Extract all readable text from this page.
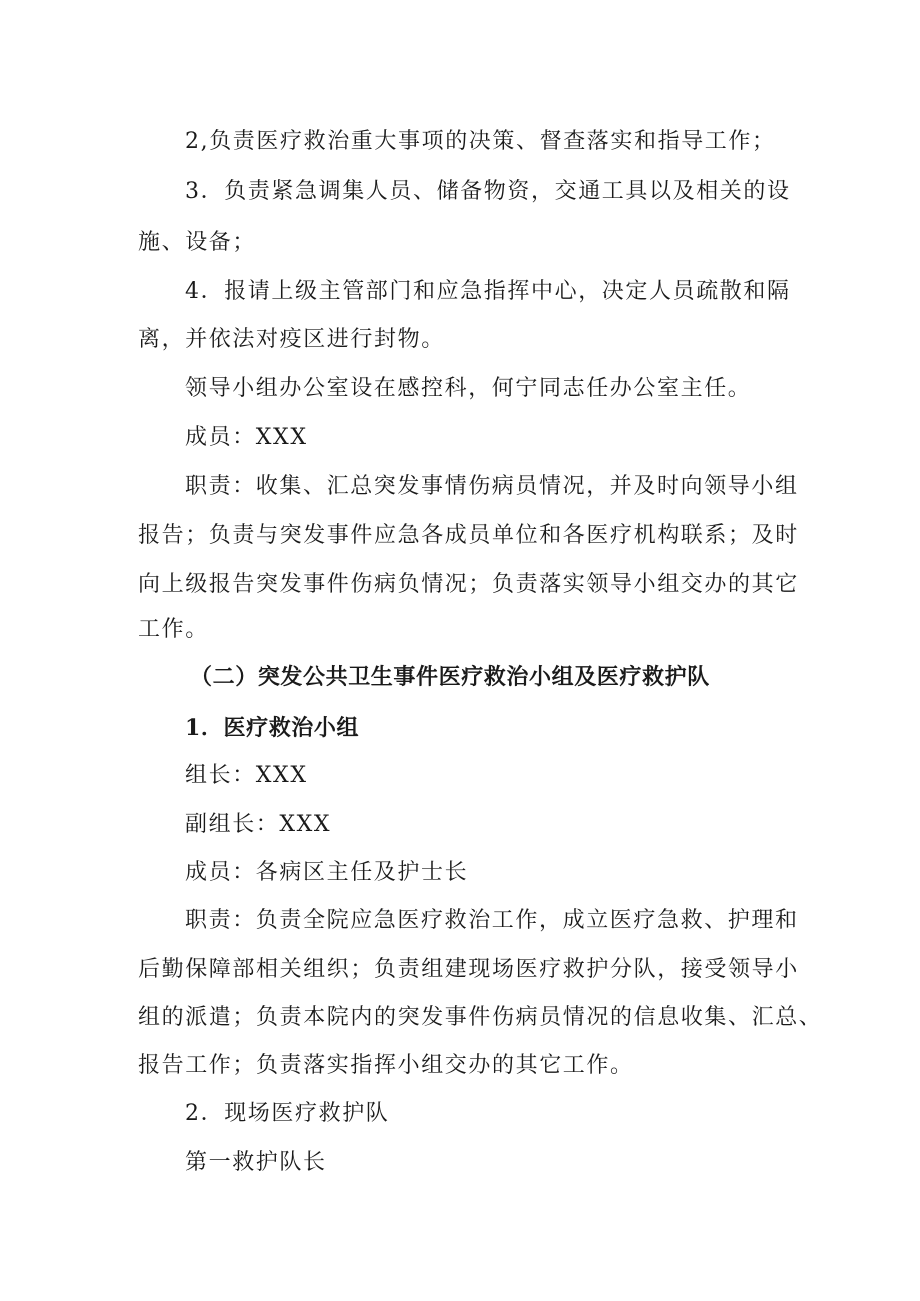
2,负责医疗救治重大事项的决策、督查落实和指导工作；
3．负责紧急调集人员、储备物资，交通工具以及相关的设
施、设备；
4．报请上级主管部门和应急指挥中心，决定人员疏散和隔
离，并依法对疫区进行封物。
领导小组办公室设在感控科，何宁同志任办公室主任。
成员：XXX
职责：收集、汇总突发事情伤病员情况，并及时向领导小组
报告；负责与突发事件应急各成员单位和各医疗机构联系；及时
向上级报告突发事件伤病负情况；负责落实领导小组交办的其它
工作。
（二）突发公共卫生事件医疗救治小组及医疗救护队
1．医疗救治小组
组长：XXX
副组长：XXX
成员：各病区主任及护士长
职责：负责全院应急医疗救治工作，成立医疗急救、护理和
后勤保障部相关组织；负责组建现场医疗救护分队，接受领导小
组的派遣；负责本院内的突发事件伤病员情况的信息收集、汇总、
报告工作；负责落实指挥小组交办的其它工作。
2．现场医疗救护队
第一救护队长
